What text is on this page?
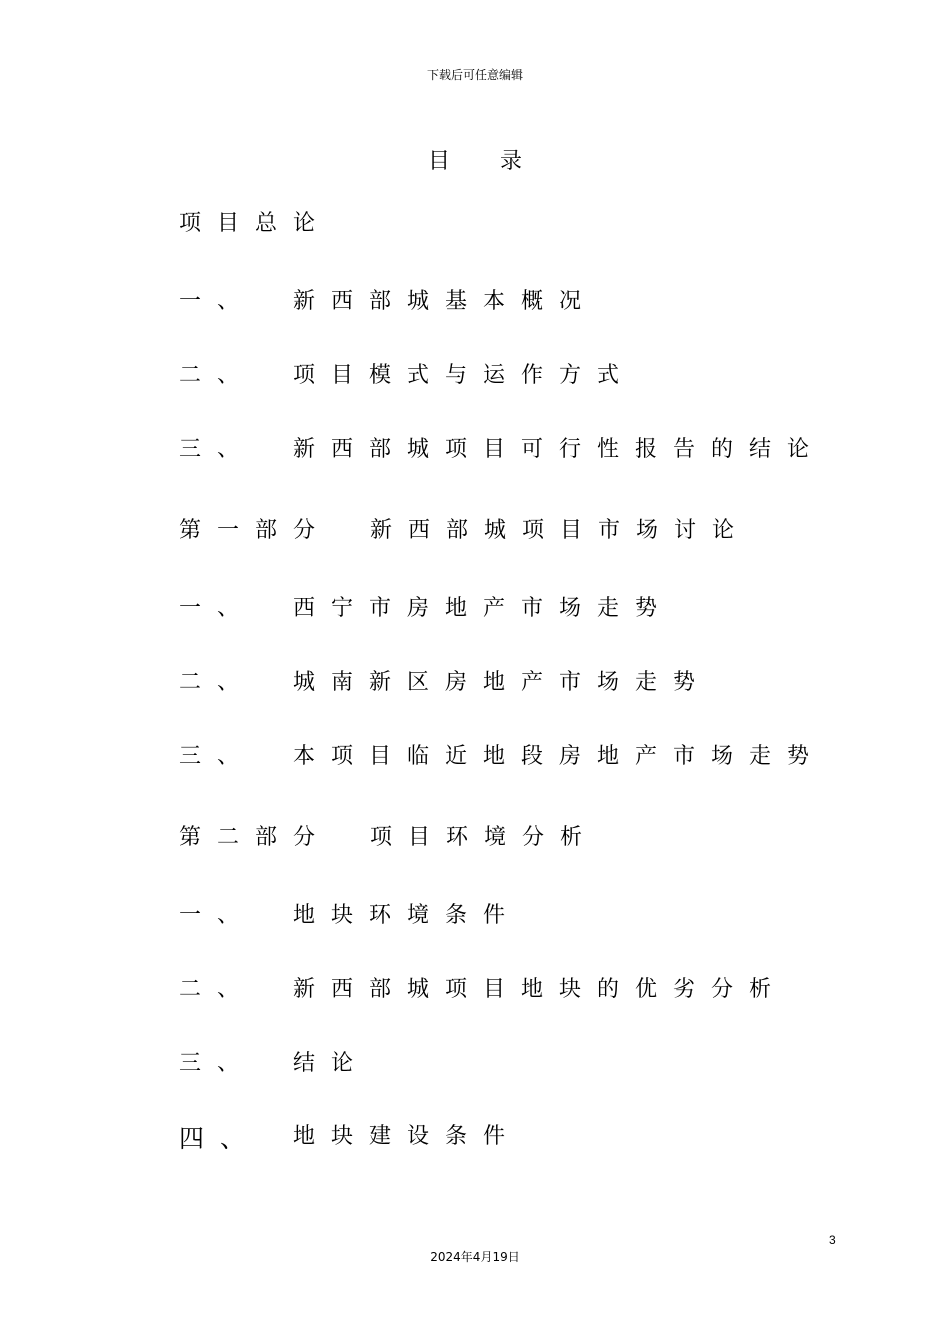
下载后可任意编辑
目录
项目总论
一、 新西部城基本概况
二、 项目模式与运作方式
三、 新西部城项目可行性报告的结论
第一部分 新西部城项目市场讨论
一、 西宁市房地产市场走势
二、 城南新区房地产市场走势
三、 本项目临近地段房地产市场走势
第二部分 项目环境分析
一、 地块环境条件
二、 新西部城项目地块的优劣分析
三、 结论
四、 地块建设条件
3
2024年4月19日
